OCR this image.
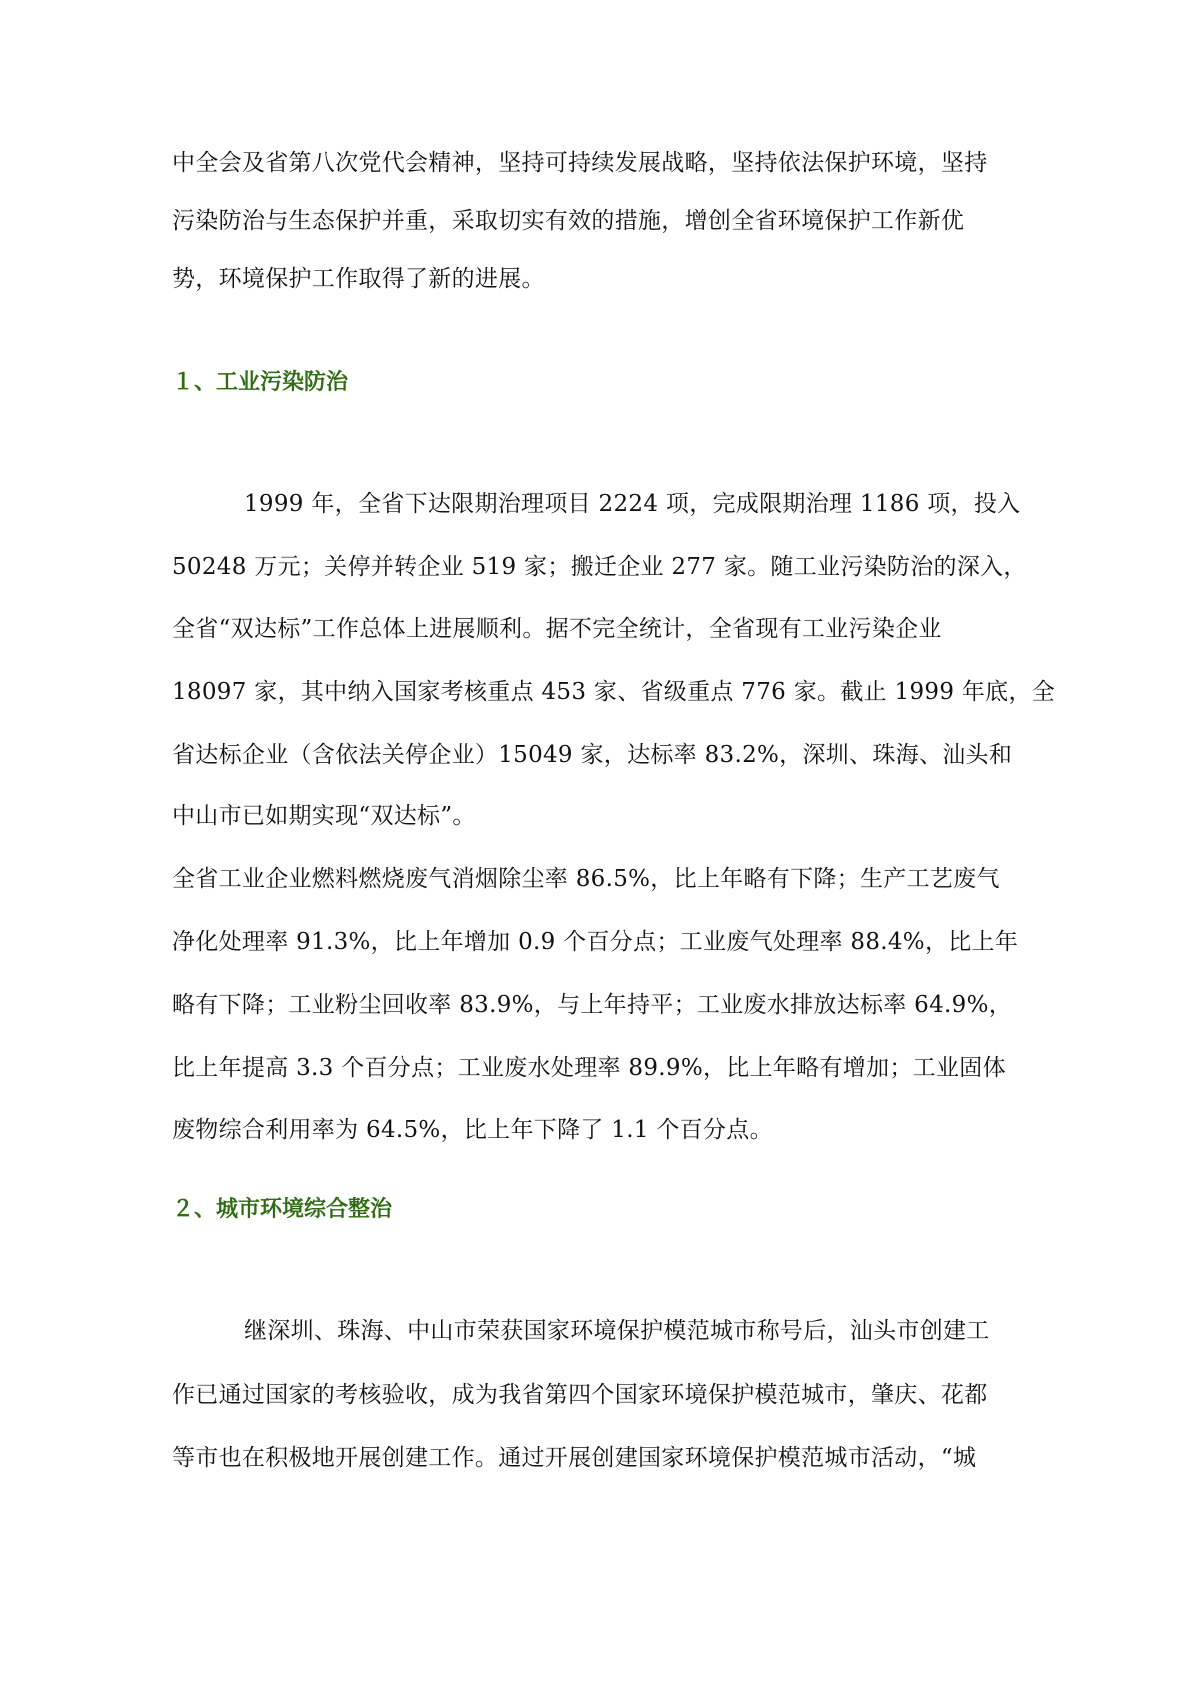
中全会及省第八次党代会精神，坚持可持续发展战略，坚持依法保护环境，坚持
污染防治与生态保护并重，采取切实有效的措施，增创全省环境保护工作新优
势，环境保护工作取得了新的进展。
１、工业污染防治
1999 年，全省下达限期治理项目 2224 项，完成限期治理 1186 项，投入
50248 万元；关停并转企业 519 家；搬迁企业 277 家。随工业污染防治的深入，
全省“双达标”工作总体上进展顺利。据不完全统计，全省现有工业污染企业
18097 家，其中纳入国家考核重点 453 家、省级重点 776 家。截止 1999 年底，全
省达标企业（含依法关停企业）15049 家，达标率 83.2%，深圳、珠海、汕头和
中山市已如期实现“双达标”。
全省工业企业燃料燃烧废气消烟除尘率 86.5%，比上年略有下降；生产工艺废气
净化处理率 91.3%，比上年增加 0.9 个百分点；工业废气处理率 88.4%，比上年
略有下降；工业粉尘回收率 83.9%，与上年持平；工业废水排放达标率 64.9%，
比上年提高 3.3 个百分点；工业废水处理率 89.9%，比上年略有增加；工业固体
废物综合利用率为 64.5%，比上年下降了 1.1 个百分点。
２、城市环境综合整治
继深圳、珠海、中山市荣获国家环境保护模范城市称号后，汕头市创建工
作已通过国家的考核验收，成为我省第四个国家环境保护模范城市，肇庆、花都
等市也在积极地开展创建工作。通过开展创建国家环境保护模范城市活动，“城
